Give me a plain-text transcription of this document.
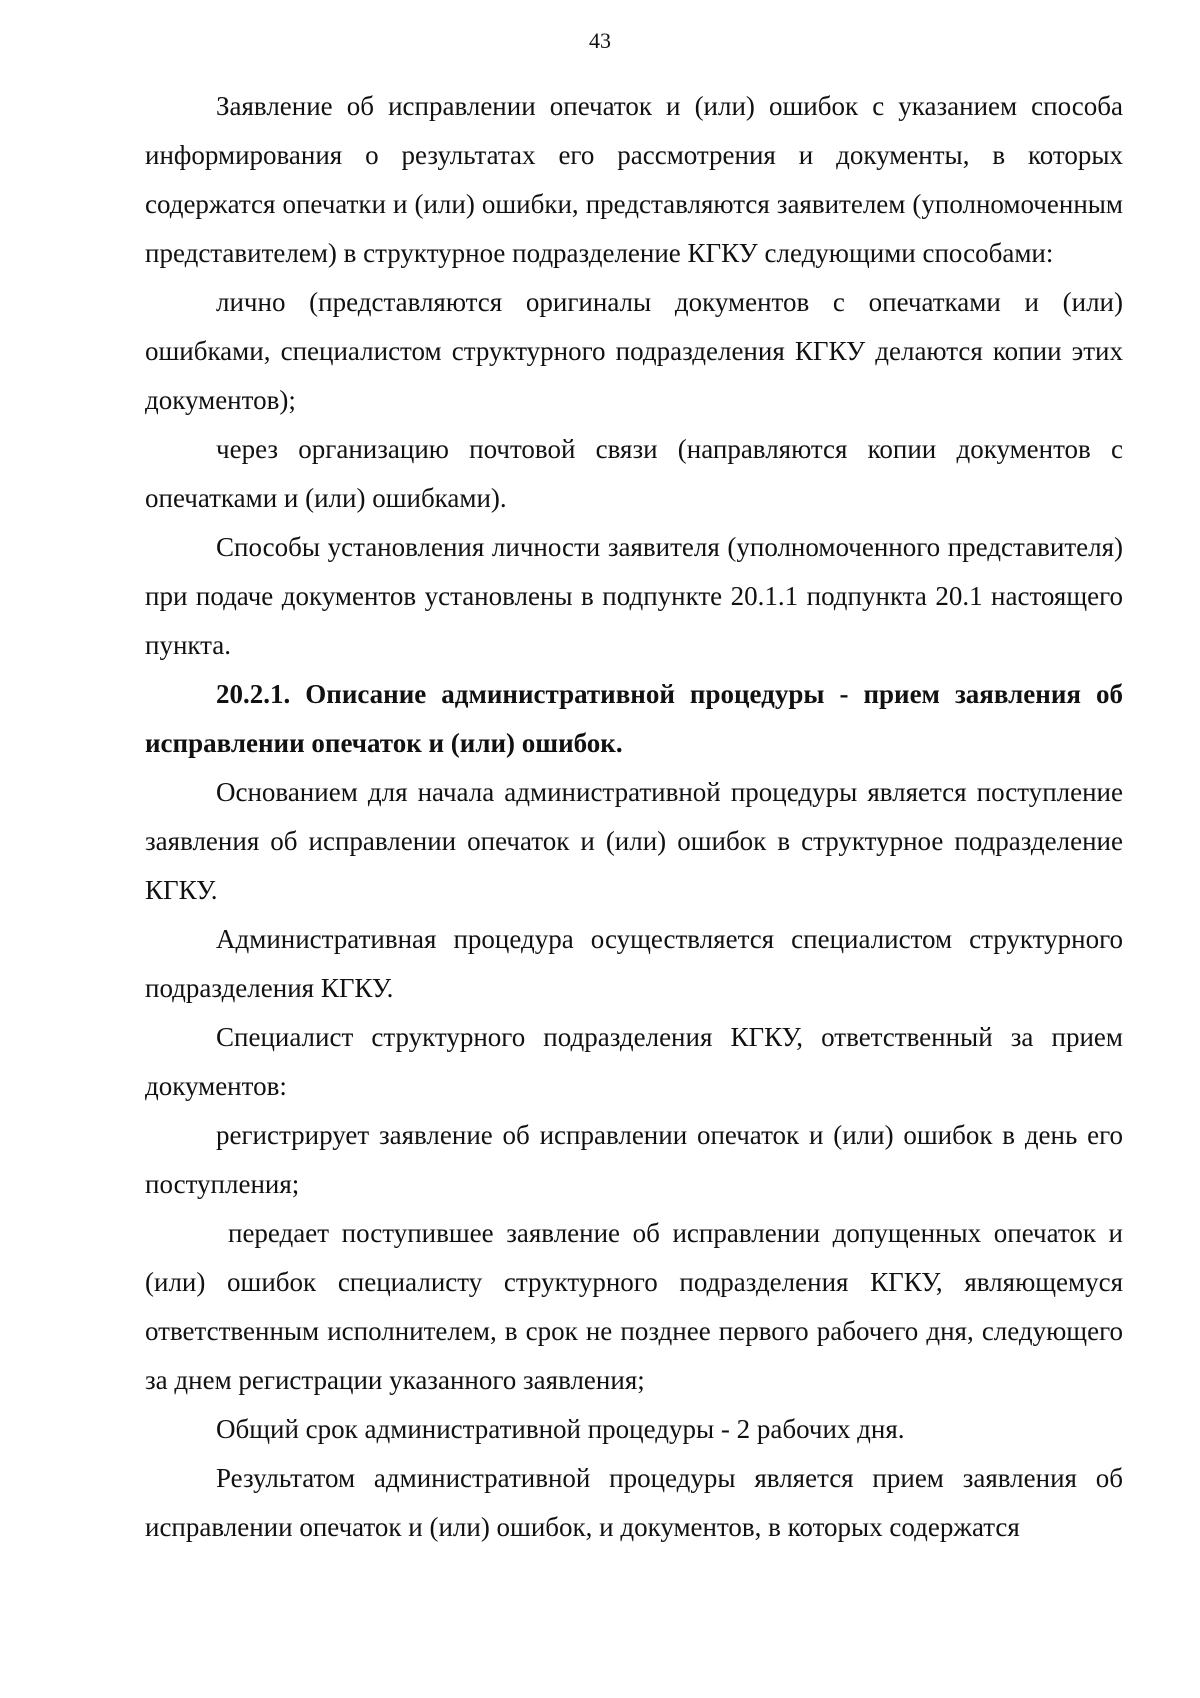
43

Заявление об исправлении опечаток и (или) ошибок с указанием способа информирования о результатах его рассмотрения и документы, в которых содержатся опечатки и (или) ошибки, представляются заявителем (уполномоченным представителем) в структурное подразделение КГКУ следующими способами:

лично (представляются оригиналы документов с опечатками и (или) ошибками, специалистом структурного подразделения КГКУ делаются копии этих документов);

через организацию почтовой связи (направляются копии документов с опечатками и (или) ошибками).

Способы установления личности заявителя (уполномоченного представителя) при подаче документов установлены в подпункте 20.1.1 подпункта 20.1 настоящего пункта.

20.2.1. Описание административной процедуры - прием заявления об исправлении опечаток и (или) ошибок.

Основанием для начала административной процедуры является поступление заявления об исправлении опечаток и (или) ошибок в структурное подразделение КГКУ.

Административная процедура осуществляется специалистом структурного подразделения КГКУ.

Специалист структурного подразделения КГКУ, ответственный за прием документов:

регистрирует заявление об исправлении опечаток и (или) ошибок в день его поступления;

передает поступившее заявление об исправлении допущенных опечаток и (или) ошибок специалисту структурного подразделения КГКУ, являющемуся ответственным исполнителем, в срок не позднее первого рабочего дня, следующего за днем регистрации указанного заявления;

Общий срок административной процедуры - 2 рабочих дня.

Результатом административной процедуры является прием заявления об исправлении опечаток и (или) ошибок, и документов, в которых содержатся
